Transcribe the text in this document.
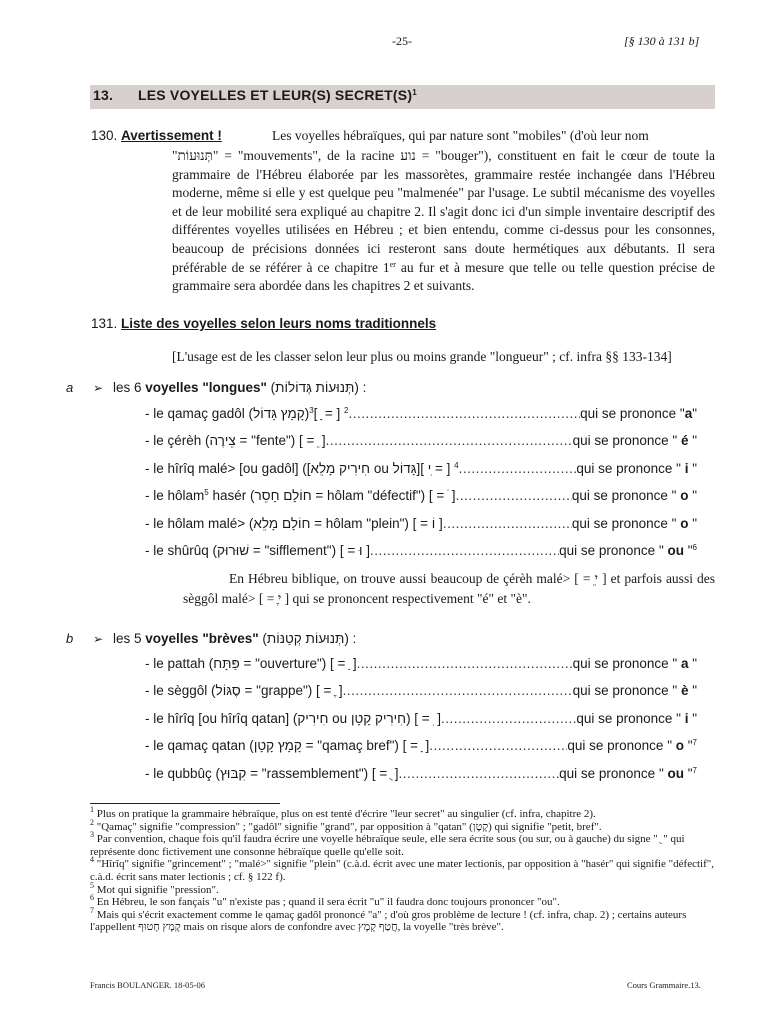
-25-	[§ 130 à 131 b]
13. LES VOYELLES ET LEUR(S) $SECRET(S)^1$
130. Avertissement !	Les voyelles hébraïques, qui par nature sont "mobiles" (d'où leur nom
"תְּנוּעוֹת" = "mouvements", de la racine נוע = "bouger"), constituent en fait le cœur de toute la grammaire de l'Hébreu élaborée par les massorètes, grammaire restée inchangée dans l'Hébreu moderne, même si elle y est quelque peu "malmenée" par l'usage. Le subtil mécanisme des voyelles et de leur mobilité sera expliqué au chapitre 2. Il s'agit donc ici d'un simple inventaire descriptif des différentes voyelles utilisées en Hébreu ; et bien entendu, comme ci-dessus pour les consonnes, beaucoup de précisions données ici resteront sans doute hermétiques aux débutants. Il sera préférable de se référer à ce chapitre 1er au fur et à mesure que telle ou telle question précise de grammaire sera abordée dans les chapitres 2 et suivants.
131. Liste des voyelles selon leurs noms traditionnels
[L'usage est de les classer selon leur plus ou moins grande "longueur" ; cf. infra §§ 133-134]
a ➢ les 6 voyelles "longues" (תְּנוּעוֹת גְּדוֹלוֹת) :
- le qamaç gadôl (קָמָץ גָּדוֹל)	$^2$ [ = ָ ]$^3$ .....	qui se prononce "a"
- le çérèh (צֵירֶה = "fente") [ = ֵ ] .....	qui se prononce " é "
- le hîrîq malé> [ou gadôl] ([חִירִיק מָלֵא ou גָּדוֹל]	$^4$ [ = ִי ] .....	qui se prononce " i "
- le hôlam$^5$ hasér (חוֹלָם חָסֵר = hôlam "défectif") [ = ֹ ] .....	qui se prononce " o "
- le hôlam malé> (חוֹלָם מָלֵא = hôlam "plein") [ = וֹ ] .....	qui se prononce " o "
- le shûrûq (שׁוּרוּק = "sifflement") [ = וּ ] .....	qui se prononce " ou "$^6$
En Hébreu biblique, on trouve aussi beaucoup de çérèh malé> [ = ֵי ] et parfois aussi des sèggôl malé> [ = ֶי ] qui se prononcent respectivement "é" et "è".
b ➢ les 5 voyelles "brèves" (תְּנוּעוֹת קְטַנּוֹת) :
- le pattah (פַּתָּח = "ouverture") [ = ַ ] .....	qui se prononce " a "
- le sèggôl (סֶגּוֹל = "grappe") [ = ֶ ] .....	qui se prononce " è "
- le hîrîq [ou hîrîq qatan] (חִירִיק ou חִירִיק קָטָן) [ = ִ ] .....	qui se prononce " i "
- le qamaç qatan (קָמָץ קָטָן = "qamaç bref") [ = ָ ] .....	qui se prononce " o "$^7$
- le qubbûç (קִבּוּץ = "rassemblement") [ = ֻ ] .....	qui se prononce " ou "$^7$

$^1$ Plus on pratique la grammaire hébraïque, plus on est tenté d'écrire "leur secret" au singulier (cf. infra, chapitre 2).

$^2$ "Qamaç" signifie "compression" ; "gadôl" signifie "grand", par opposition à "qatan" (קָטָן) qui signifie "petit, bref".

$^3$ Par convention, chaque fois qu'il faudra écrire une voyelle hébraïque seule, elle sera écrite sous (ou sur, ou à gauche) du signe " ֻ " qui représente donc fictivement une consonne hébraïque quelle qu'elle soit.

$^4$ "Hîrîq" signifie "grincement" ; "malé>" signifie "plein" (c.à.d. écrit avec une mater lectionis, par opposition à "hasér" qui signifie "défectif", c.à.d. écrit sans mater lectionis ; cf. § 122 f).

$^5$ Mot qui signifie "pression".

$^6$ En Hébreu, le son fançais "u" n'existe pas ; quand il sera écrit "u" il faudra donc toujours prononcer "ou".

$^7$ Mais qui s'écrit exactement comme le qamaç gadôl prononcé "a" ; d'où gros problème de lecture ! (cf. infra, chap. 2) ; certains auteurs l'appellent קָמָץ חָטוּף mais on risque alors de confondre avec חֲטַף קָמָץ, la voyelle "très brève".

Francis BOULANGER. 18-05-06	Cours Grammaire.13.
